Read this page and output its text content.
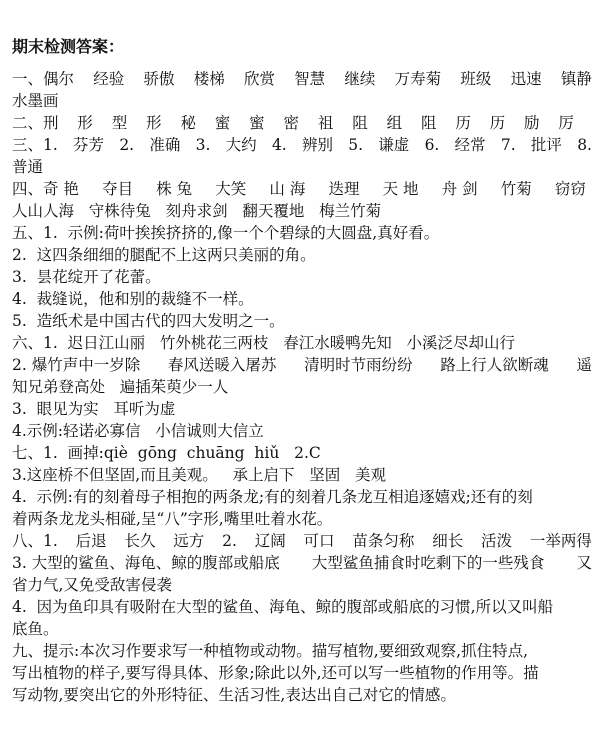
期末检测答案：
一、偶尔 经验 骄傲 楼梯 欣赏 智慧 继续 万寿菊 班级 迅速 镇静
水墨画
二、刑 形 型 形 秘 蜜 蜜 密 祖 阻 组 阻 历 历 励 厉
三、1. 芬芳 2. 准确 3. 大约 4. 辨别 5. 谦虚 6. 经常 7. 批评 8.
普通
四、奇 艳 夺目 株 兔 大笑 山 海 迭理 天 地 舟 剑 竹菊 窃窃
人山人海   守株待兔   刻舟求剑   翻天覆地   梅兰竹菊
五、1.  示例:荷叶挨挨挤挤的,像一个个碧绿的大圆盘,真好看。
2.  这四条细细的腿配不上这两只美丽的角。
3.  昙花绽开了花蕾。
4.  裁缝说，他和别的裁缝不一样。
5.  造纸术是中国古代的四大发明之一。
六、1.  迟日江山丽   竹外桃花三两枝   春江水暖鸭先知   小溪泛尽却山行
2. 爆竹声中一岁除 春风送暖入屠苏 清明时节雨纷纷 路上行人欲断魂 遥
知兄弟登高处   遍插茱萸少一人
3.  眼见为实   耳听为虚
4.示例:轻诺必寡信   小信诚则大信立
七、1.  画掉:qiè  gōng  chuāng  hiǔ   2.C
3.这座桥不但坚固,而且美观。   承上启下   坚固   美观
4.  示例:有的刻着母子相抱的两条龙;有的刻着几条龙互相追逐嬉戏;还有的刻
着两条龙龙头相碰,呈“八”字形,嘴里吐着水花。
八、1. 后退 长久 远方 2. 辽阔 可口 苗条匀称 细长 活泼 一举两得
3. 大型的鲨鱼、海龟、鲸的腹部或船底 大型鲨鱼捕食时吃剩下的一些残食 又
省力气,又免受敌害侵袭
4.  因为鱼印具有吸附在大型的鲨鱼、海龟、鲸的腹部或船底的习惯,所以又叫船
底鱼。
九、提示:本次习作要求写一种植物或动物。描写植物,要细致观察,抓住特点,
写出植物的样子,要写得具体、形象;除此以外,还可以写一些植物的作用等。描
写动物,要突出它的外形特征、生活习性,表达出自己对它的情感。
